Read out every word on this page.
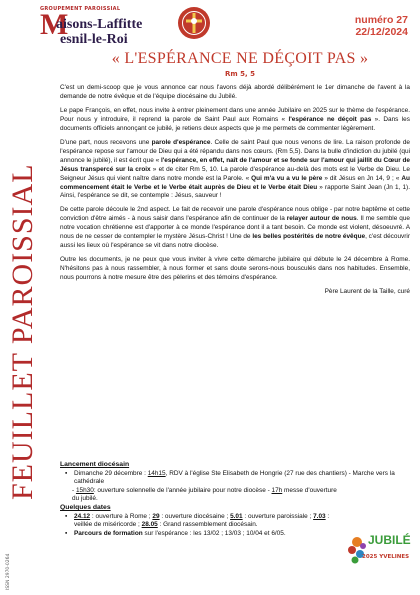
FEUILLET PAROISSIAL
ISSN 2970-0264
GROUPEMENT PAROISSIAL
M
aisons-Laffitte
esnil-le-Roi
numéro 27
22/12/2024
« L'ESPÉRANCE NE DÉÇOIT PAS »
Rm 5, 5

C'est un demi-scoop que je vous annonce car nous l'avons déjà abordé délibérément le 1er dimanche de l'avent à la demande de notre évêque et de l'équipe diocésaine du Jubilé.

Le pape François, en effet, nous invite à entrer pleinement dans une année Jubilaire en 2025 sur le thème de l'espérance. Pour nous y introduire, il reprend la parole de Saint Paul aux Romains « l'espérance ne déçoit pas ». Dans les documents officiels annonçant ce jubilé, je retiens deux aspects que je me permets de commenter légèrement.

D'une part, nous recevons une parole d'espérance. Celle de saint Paul que nous venons de lire. La raison profonde de l'espérance repose sur l'amour de Dieu qui a été répandu dans nos cœurs. (Rm 5,5). Dans la bulle d'indiction du jubilé (qui annonce le jubilé), il est écrit que « l'espérance, en effet, naît de l'amour et se fonde sur l'amour qui jaillit du Cœur de Jésus transpercé sur la croix » et de citer Rm 5, 10. La parole d'espérance au-delà des mots est le Verbe de Dieu. Le Seigneur Jésus qui vient naître dans notre monde est la Parole. « Qui m'a vu a vu le père » dit Jésus en Jn 14, 9 ; « Au commencement était le Verbe et le Verbe était auprès de Dieu et le Verbe était Dieu » rapporte Saint Jean (Jn 1, 1). Ainsi, l'espérance se dit, se contemple : Jésus, sauveur !

De cette parole découle le 2nd aspect. Le fait de recevoir une parole d'espérance nous oblige - par notre baptême et cette conviction d'être aimés - à nous saisir dans l'espérance afin de continuer de la relayer autour de nous. Il me semble que notre vocation chrétienne est d'apporter à ce monde l'espérance dont il a tant besoin. Ce monde est violent, désoeuvré. A nous de ne cesser de contempler le mystère Jésus-Christ ! Une de les belles postérités de notre évêque, c'est découvrir aussi les lieux où l'espérance se vit dans notre diocèse.

Outre les documents, je ne peux que vous inviter à vivre cette démarche jubilaire qui débute le 24 décembre à Rome. N'hésitons pas à nous rassembler, à nous former et sans doute serons-nous bousculés dans nos habitudes. Ensemble, nous pourrons à notre mesure être des pèlerins et des témoins d'espérance.

Père Laurent de la Taille, curé
Lancement diocésain
▪ Dimanche 29 décembre : 14h15, RDV à l'église Ste Elisabeth de Hongrie (27 rue des chantiers) - Marche vers la cathédrale
- 15h30: ouverture solennelle de l'année jubilaire pour notre diocèse - 17h messe d'ouverture du jubilé.
Quelques dates
▪ 24.12 : ouverture à Rome ; 29 : ouverture diocésaine ; 5.01 : ouverture paroissiale ; 7.03 : veillée de miséricorde ; 28.05 : Grand rassemblement diocésain.
▪ Parcours de formation sur l'espérance : les 13/02 ; 13/03 ; 10/04 et 6/05.	JUBILÉ
2025 YVELINES
